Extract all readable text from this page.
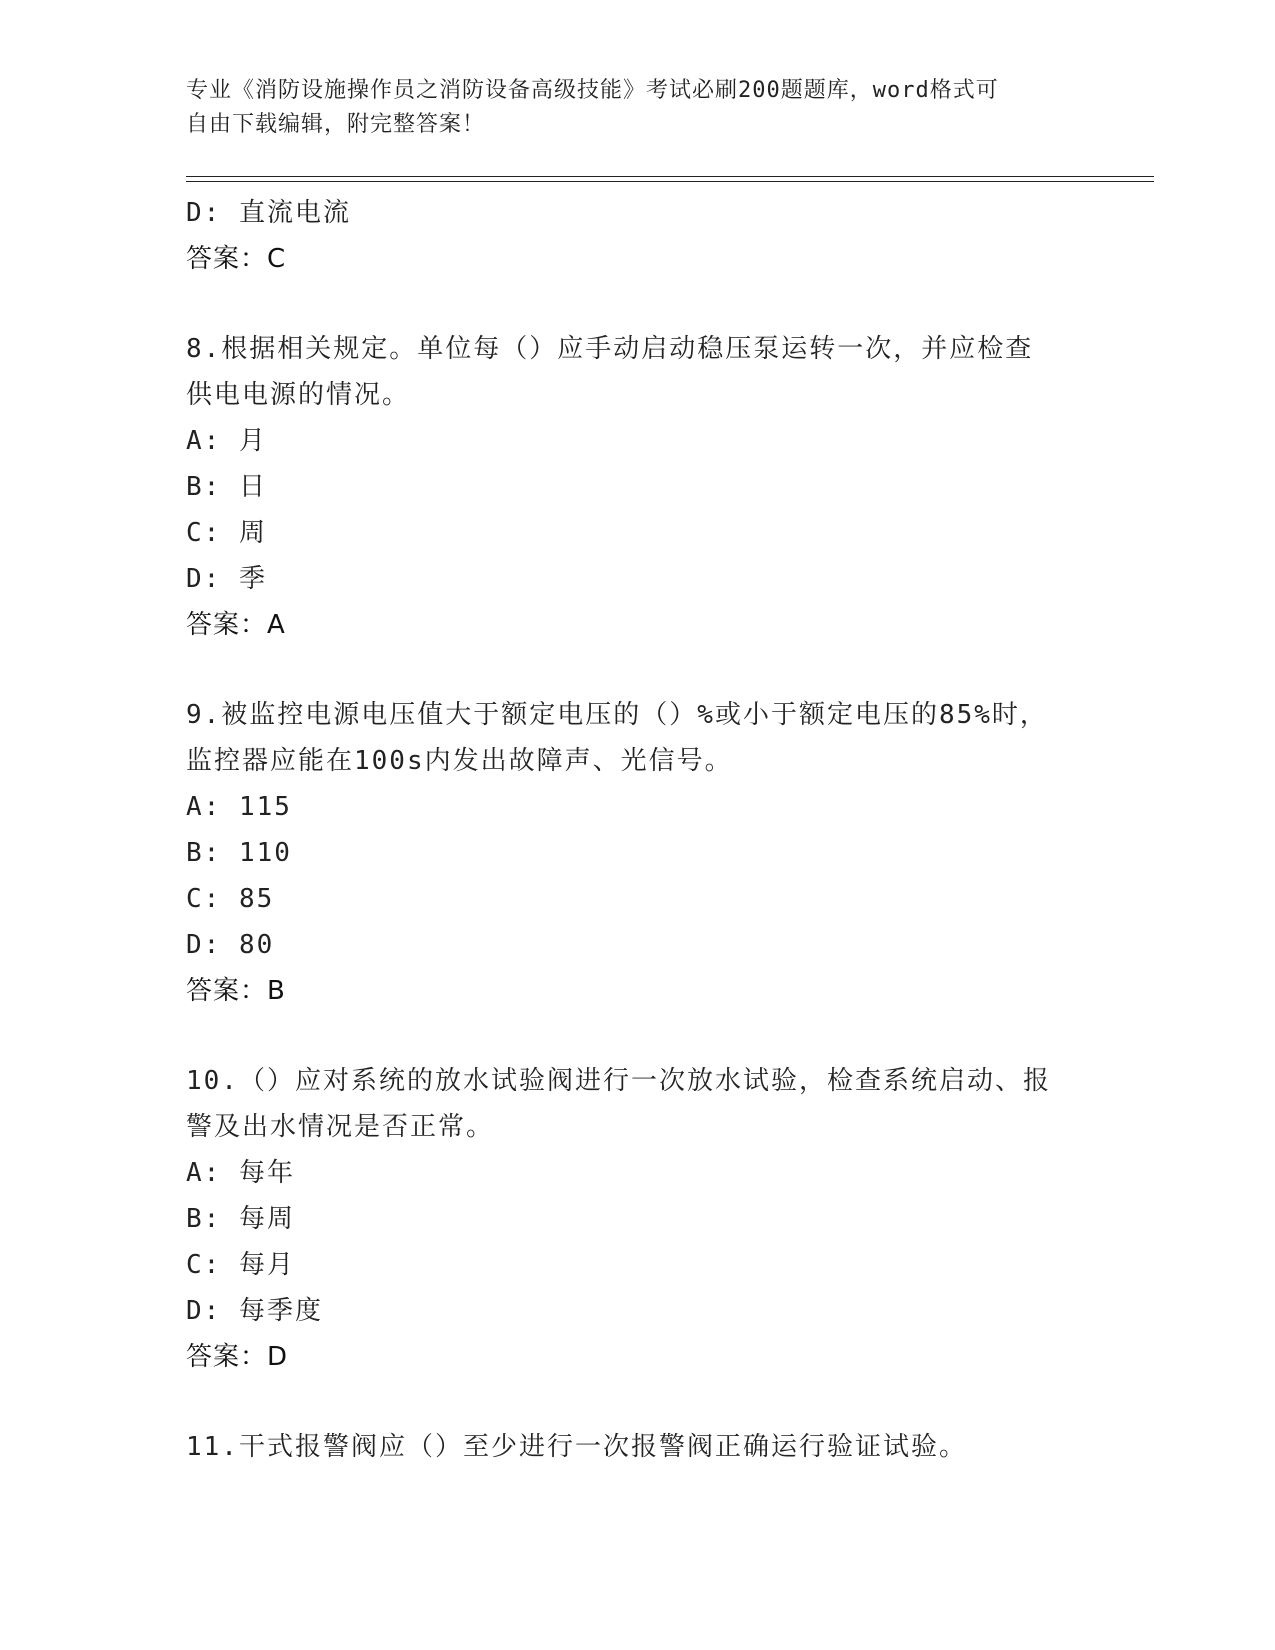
专业《消防设施操作员之消防设备高级技能》考试必刷200题题库，word格式可
自由下载编辑，附完整答案！
D: 直流电流
答案：C
8.根据相关规定。单位每（）应手动启动稳压泵运转一次，并应检查
供电电源的情况。
A: 月
B: 日
C: 周
D: 季
答案：A
9.被监控电源电压值大于额定电压的（）%或小于额定电压的85%时，
监控器应能在100s内发出故障声、光信号。
A: 115
B: 110
C: 85
D: 80
答案：B
10.（）应对系统的放水试验阀进行一次放水试验，检查系统启动、报
警及出水情况是否正常。
A: 每年
B: 每周
C: 每月
D: 每季度
答案：D
11.干式报警阀应（）至少进行一次报警阀正确运行验证试验。
